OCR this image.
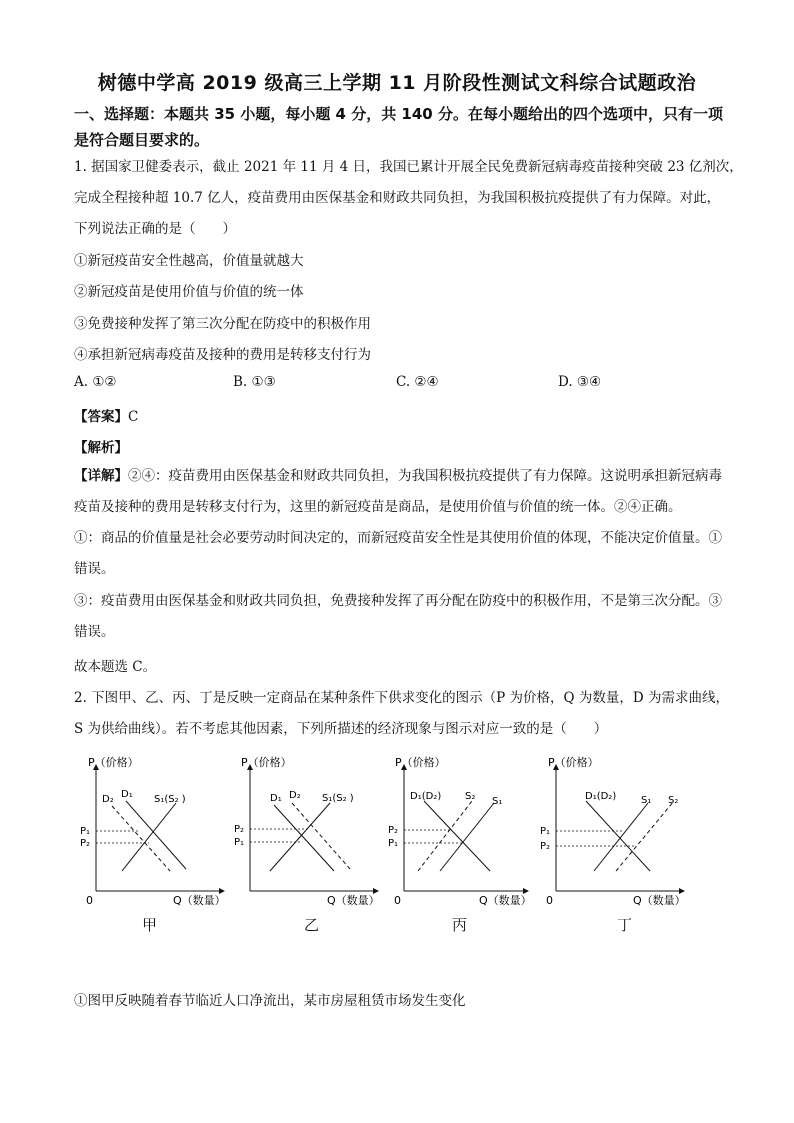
树德中学高 2019 级高三上学期 11 月阶段性测试文科综合试题政治
一、选择题：本题共 35 小题，每小题 4 分，共 140 分。在每小题给出的四个选项中，只有一项是符合题目要求的。
1. 据国家卫健委表示，截止 2021 年 11 月 4 日，我国已累计开展全民免费新冠病毒疫苗接种突破 23 亿剂次，
完成全程接种超 10.7 亿人，疫苗费用由医保基金和财政共同负担，为我国积极抗疫提供了有力保障。对此，
下列说法正确的是（　　）
①新冠疫苗安全性越高，价值量就越大
②新冠疫苗是使用价值与价值的统一体
③免费接种发挥了第三次分配在防疫中的积极作用
④承担新冠病毒疫苗及接种的费用是转移支付行为
A. ①②	B. ①③	C. ②④	D. ③④
【答案】C
【解析】
【详解】②④：疫苗费用由医保基金和财政共同负担，为我国积极抗疫提供了有力保障。这说明承担新冠病毒疫苗及接种的费用是转移支付行为，这里的新冠疫苗是商品，是使用价值与价值的统一体。②④正确。
①：商品的价值量是社会必要劳动时间决定的，而新冠疫苗安全性是其使用价值的体现，不能决定价值量。①错误。
③：疫苗费用由医保基金和财政共同负担，免费接种发挥了再分配在防疫中的积极作用，不是第三次分配。③错误。
故本题选 C。
2. 下图甲、乙、丙、丁是反映一定商品在某种条件下供求变化的图示（P 为价格，Q 为数量，D 为需求曲线，
S 为供给曲线）。若不考虑其他因素，下列所描述的经济现象与图示对应一致的是（　　）
P（价格）
Q（数量）
0
D₂ D₁ S₁(S₂ )
P₁
P₂
P（价格）
Q（数量）
D₁ D₂ S₁(S₂ )
P₂
P₁
P（价格）
Q（数量）
0
D₁(D₂) S₂ S₁
P₂
P₁
P（价格）
Q（数量）
0
D₁(D₂) S₁ S₂
P₁
P₂
甲	乙	丙	丁
①图甲反映随着春节临近人口净流出，某市房屋租赁市场发生变化
